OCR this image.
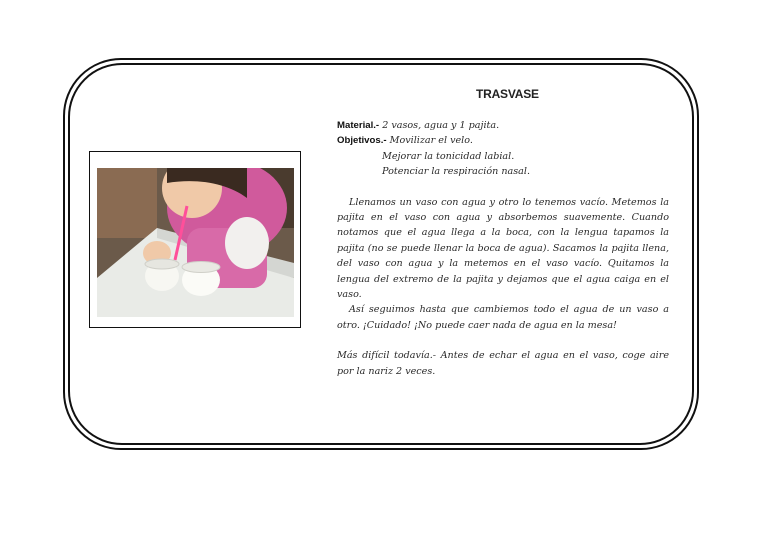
TRASVASE

Material.- 2 vasos, agua y 1 pajita.

Objetivos.- Movilizar el velo.

Mejorar la tonicidad labial.

Potenciar la respiración nasal.

Llenamos un vaso con agua y otro lo tenemos vacío. Metemos la pajita en el vaso con agua y absorbemos suavemente. Cuando notamos que el agua llega a la boca, con la lengua tapamos la pajita (no se puede llenar la boca de agua). Sacamos la pajita llena, del vaso con agua y la metemos en el vaso vacío. Quitamos la lengua del extremo de la pajita y dejamos que el agua caiga en el vaso.

Así seguimos hasta que cambiemos todo el agua de un vaso a otro. ¡Cuidado! ¡No puede caer nada de agua en la mesa!

Más difícil todavía.- Antes de echar el agua en el vaso, coge aire por la nariz 2 veces.
